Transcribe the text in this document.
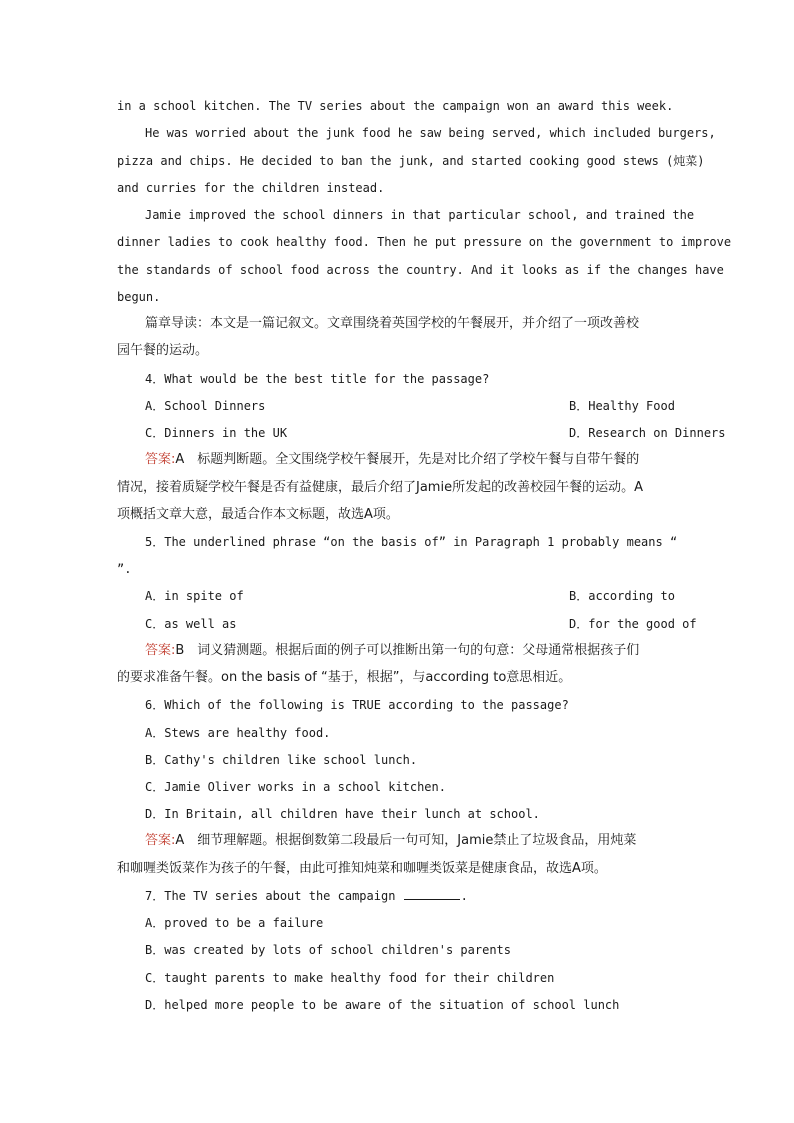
in a school kitchen. The TV series about the campaign won an award this week.
He was worried about the junk food he saw being served, which included burgers,
pizza and chips. He decided to ban the junk, and started cooking good stews (炖菜)
and curries for the children instead.
Jamie improved the school dinners in that particular school, and trained the
dinner ladies to cook healthy food. Then he put pressure on the government to improve
the standards of school food across the country. And it looks as if the changes have
begun.
篇章导读：本文是一篇记叙文。文章围绕着英国学校的午餐展开，并介绍了一项改善校
园午餐的运动。
4．What would be the best title for the passage?
A．School Dinners	B．Healthy Food
C．Dinners in the UK	D．Research on Dinners
答案:A　标题判断题。全文围绕学校午餐展开，先是对比介绍了学校午餐与自带午餐的
情况，接着质疑学校午餐是否有益健康，最后介绍了Jamie所发起的改善校园午餐的运动。A
项概括文章大意，最适合作本文标题，故选A项。
5．The underlined phrase “on the basis of” in Paragraph 1 probably means “
”.
A．in spite of	B．according to
C．as well as	D．for the good of
答案:B　词义猜测题。根据后面的例子可以推断出第一句的句意：父母通常根据孩子们
的要求准备午餐。on the basis of “基于，根据”，与according to意思相近。
6．Which of the following is TRUE according to the passage?
A．Stews are healthy food.
B．Cathy's children like school lunch.
C．Jamie Oliver works in a school kitchen.
D．In Britain, all children have their lunch at school.
答案:A　细节理解题。根据倒数第二段最后一句可知，Jamie禁止了垃圾食品，用炖菜
和咖喱类饭菜作为孩子的午餐，由此可推知炖菜和咖喱类饭菜是健康食品，故选A项。
7．The TV series about the campaign	.
A．proved to be a failure
B．was created by lots of school children's parents
C．taught parents to make healthy food for their children
D．helped more people to be aware of the situation of school lunch
